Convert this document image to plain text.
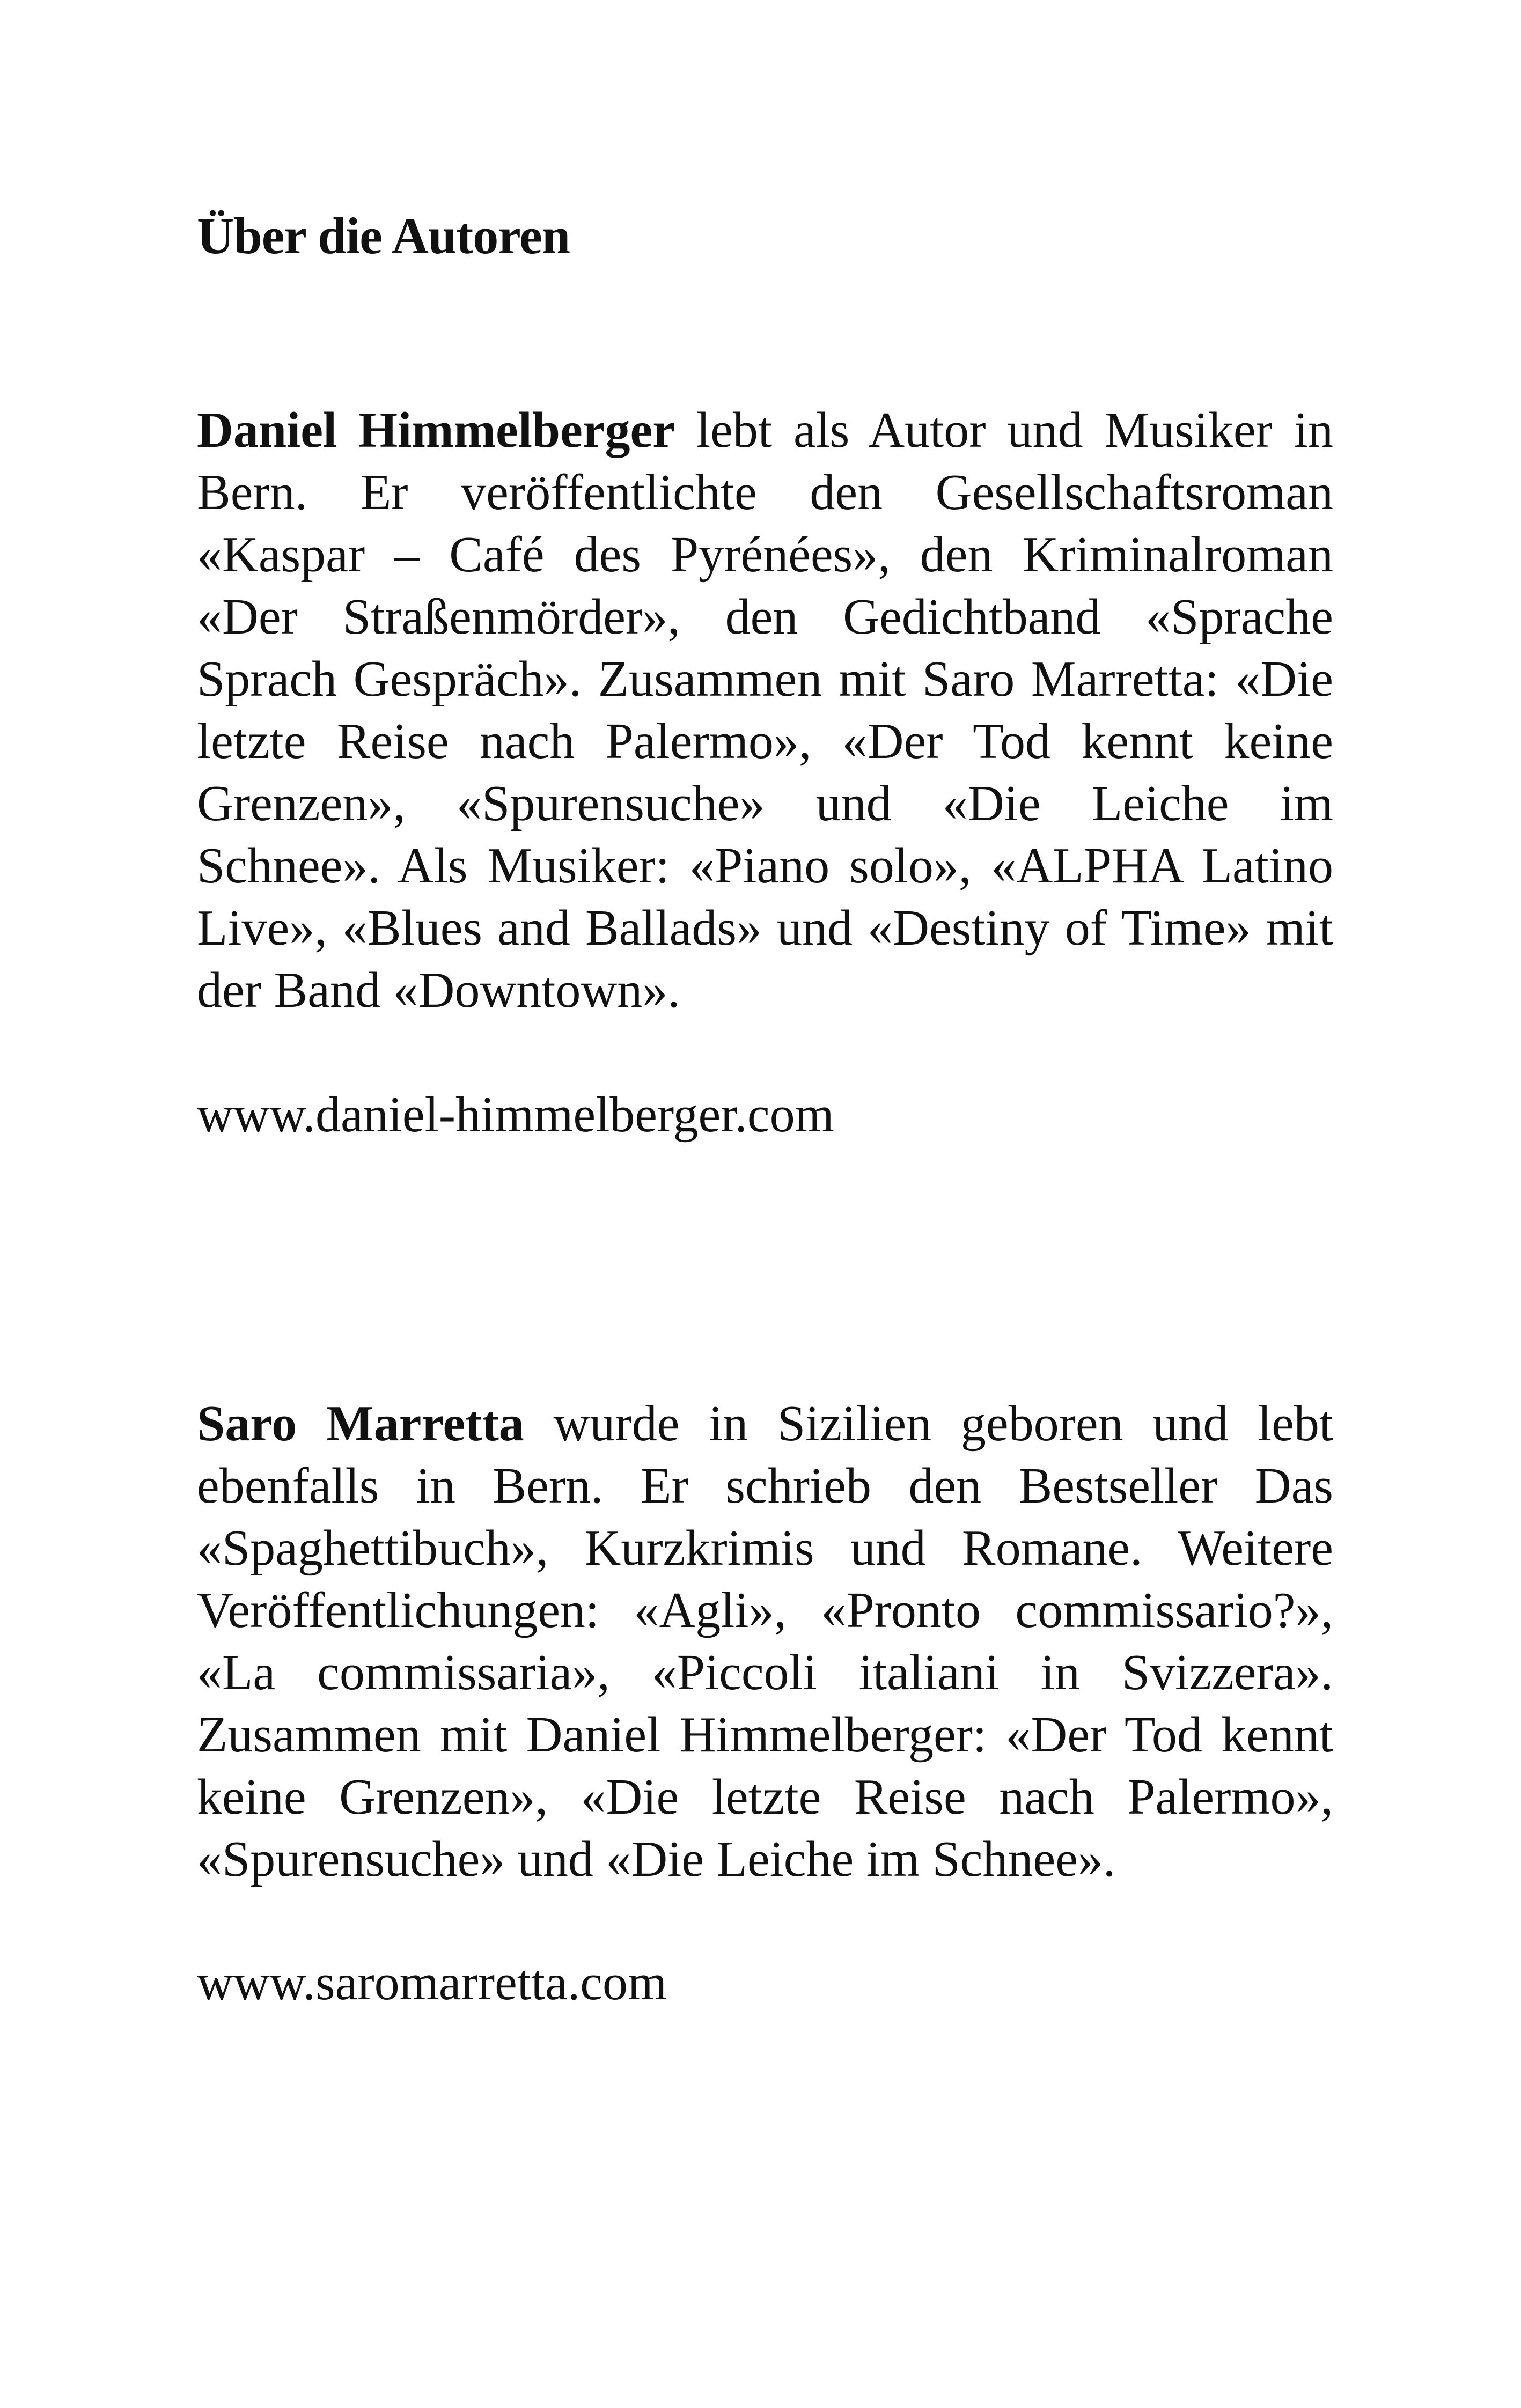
Über die Autoren

Daniel Himmelberger lebt als Autor und Musiker in Bern. Er veröffentlichte den Gesellschaftsroman «Kaspar – Café des Pyrénées», den Kriminalroman «Der Straßenmörder», den Gedichtband «Sprache Sprach Gespräch». Zusammen mit Saro Marretta: «Die letzte Reise nach Palermo», «Der Tod kennt keine Grenzen», «Spurensuche» und «Die Leiche im Schnee». Als Musiker: «Piano solo», «ALPHA Latino Live», «Blues and Ballads» und «Destiny of Time» mit der Band «Downtown».

www.daniel-himmelberger.com

Saro Marretta wurde in Sizilien geboren und lebt ebenfalls in Bern. Er schrieb den Bestseller Das «Spaghettibuch», Kurzkrimis und Romane. Weitere Veröffentlichungen: «Agli», «Pronto commissario?», «La commissaria», «Piccoli italiani in Svizzera». Zusammen mit Daniel Himmelberger: «Der Tod kennt keine Grenzen», «Die letzte Reise nach Palermo», «Spurensuche» und «Die Leiche im Schnee».

www.saromarretta.com
